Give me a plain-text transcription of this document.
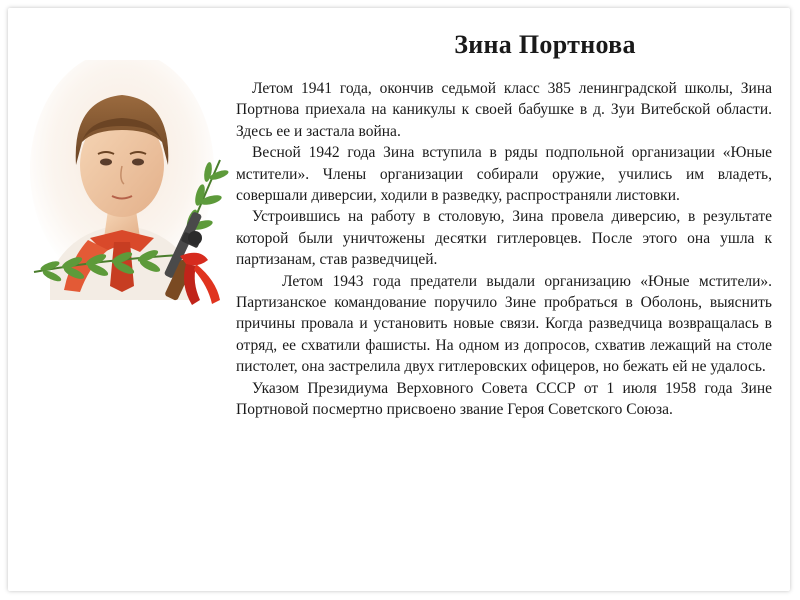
Зина Портнова

Летом 1941 года, окончив седьмой класс 385 ленинградской школы, Зина Портнова приехала на каникулы к своей бабушке в д. Зуи Витебской области. Здесь ее и застала война.

Весной 1942 года Зина вступила в ряды подпольной организации «Юные мстители». Члены организации собирали оружие, учились им владеть, совершали диверсии, ходили в разведку, распространяли листовки.

Устроившись на работу в столовую, Зина провела диверсию, в результате которой были уничтожены десятки гитлеровцев. После этого она ушла к партизанам, став разведчицей.

Летом 1943 года предатели выдали организацию «Юные мстители». Партизанское командование поручило Зине пробраться в Оболонь, выяснить причины провала и установить новые связи. Когда разведчица возвращалась в отряд, ее схватили фашисты. На одном из допросов, схватив лежащий на столе пистолет, она застрелила двух гитлеровских офицеров, но бежать ей не удалось.

Указом Президиума Верховного Совета СССР от 1 июля 1958 года Зине Портновой посмертно присвоено звание Героя Советского Союза.
